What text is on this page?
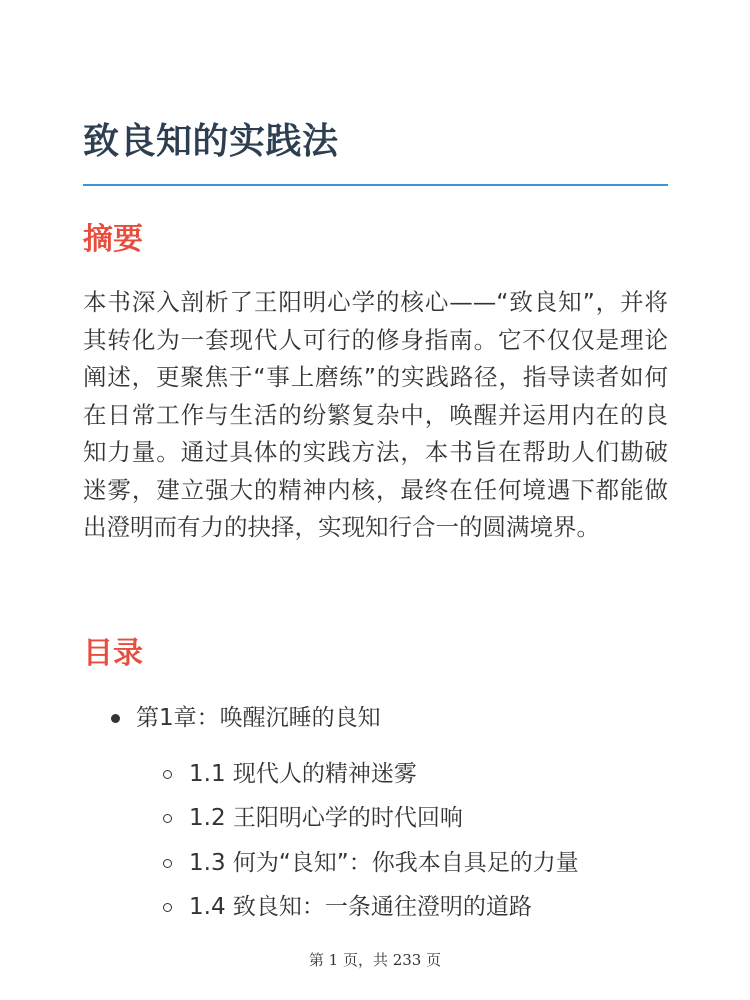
致良知的实践法
摘要

本书深入剖析了王阳明心学的核心——“致良知”，并将其转化为一套现代人可行的修身指南。它不仅仅是理论阐述，更聚焦于“事上磨练”的实践路径，指导读者如何在日常工作与生活的纷繁复杂中，唤醒并运用内在的良知力量。通过具体的实践方法，本书旨在帮助人们勘破迷雾，建立强大的精神内核，最终在任何境遇下都能做出澄明而有力的抉择，实现知行合一的圆满境界。

目录
第1章：唤醒沉睡的良知
1.1 现代人的精神迷雾
1.2 王阳明心学的时代回响
1.3 何为“良知”：你我本自具足的力量
1.4 致良知：一条通往澄明的道路
第 1 页，共 233 页
